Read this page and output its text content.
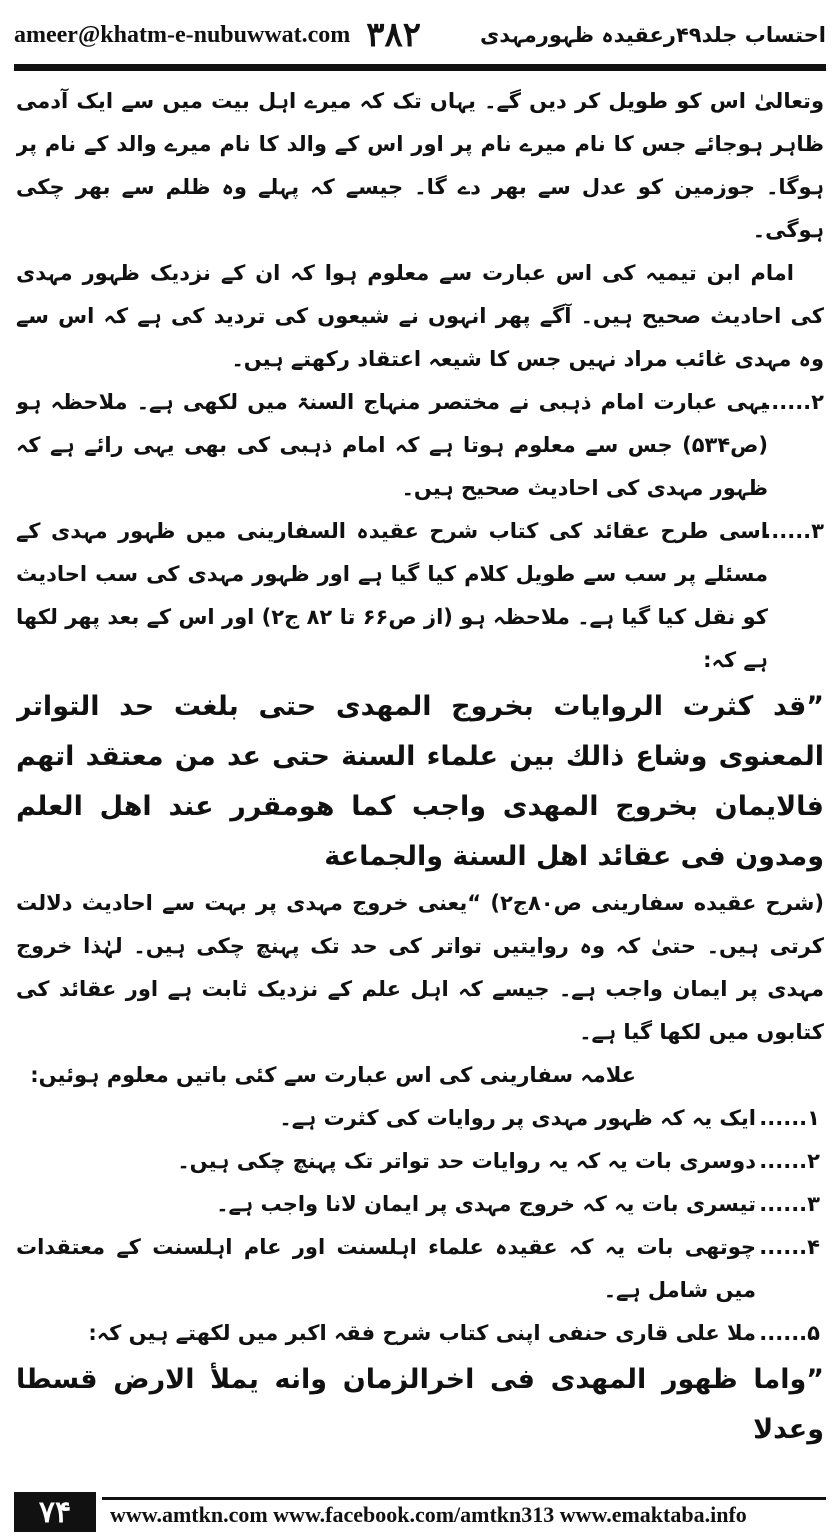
ameer@khatm-e-nubuwwat.com ۳۸۲	احتساب جلد۴۹رعقیدہ ظہورمہدی

وتعالیٰ اس کو طویل کر دیں گے۔ یہاں تک کہ میرے اہل بیت میں سے ایک آدمی ظاہر ہوجائے جس کا نام میرے نام پر اور اس کے والد کا نام میرے والد کے نام پر ہوگا۔ جوزمین کو عدل سے بھر دے گا۔ جیسے کہ پہلے وہ ظلم سے بھر چکی ہوگی۔

امام ابن تیمیہ کی اس عبارت سے معلوم ہوا کہ ان کے نزدیک ظہور مہدی کی احادیث صحیح ہیں۔ آگے پھر انہوں نے شیعوں کی تردید کی ہے کہ اس سے وہ مہدی غائب مراد نہیں جس کا شیعہ اعتقاد رکھتے ہیں۔

۲......
یہی عبارت امام ذہبی نے مختصر منہاج السنۃ میں لکھی ہے۔ ملاحظہ ہو (ص۵۳۴) جس سے معلوم ہوتا ہے کہ امام ذہبی کی بھی یہی رائے ہے کہ ظہور مہدی کی احادیث صحیح ہیں۔
۳......
اسی طرح عقائد کی کتاب شرح عقیدہ السفارینی میں ظہور مہدی کے مسئلے پر سب سے طویل کلام کیا گیا ہے اور ظہور مہدی کی سب احادیث کو نقل کیا گیا ہے۔ ملاحظہ ہو (از ص۶۶ تا ۸۲ ج۲) اور اس کے بعد پھر لکھا ہے کہ:

”قد كثرت الروايات بخروج المهدى حتى بلغت حد التواتر المعنوى وشاع ذالك بين علماء السنة حتى عد من معتقد اتهم فالايمان بخروج المهدى واجب كما هومقرر عند اهل العلم ومدون فى عقائد اهل السنة والجماعة

(شرح عقيده سفارينى ص۸۰ج۲) “یعنی خروج مہدی پر بہت سے احادیث دلالت کرتی ہیں۔ حتیٰ کہ وہ روایتیں تواتر کی حد تک پہنچ چکی ہیں۔ لہٰذا خروج مہدی پر ایمان واجب ہے۔ جیسے کہ اہل علم کے نزدیک ثابت ہے اور عقائد کی کتابوں میں لکھا گیا ہے۔

علامہ سفارینی کی اس عبارت سے کئی باتیں معلوم ہوئیں:

۱......
ایک یہ کہ ظہور مہدی پر روایات کی کثرت ہے۔
۲......
دوسری بات یہ کہ یہ روایات حد تواتر تک پہنچ چکی ہیں۔
۳......
تیسری بات یہ کہ خروج مہدی پر ایمان لانا واجب ہے۔
۴......
چوتھی بات یہ کہ عقیدہ علماء اہلسنت اور عام اہلسنت کے معتقدات میں شامل ہے۔
۵......
ملا علی قاری حنفی اپنی کتاب شرح فقہ اکبر میں لکھتے ہیں کہ:

”واما ظهور المهدى فى اخرالزمان وانه يملأ الارض قسطا وعدلا

۷۴	www.amtkn.com www.facebook.com/amtkn313 www.emaktaba.info
